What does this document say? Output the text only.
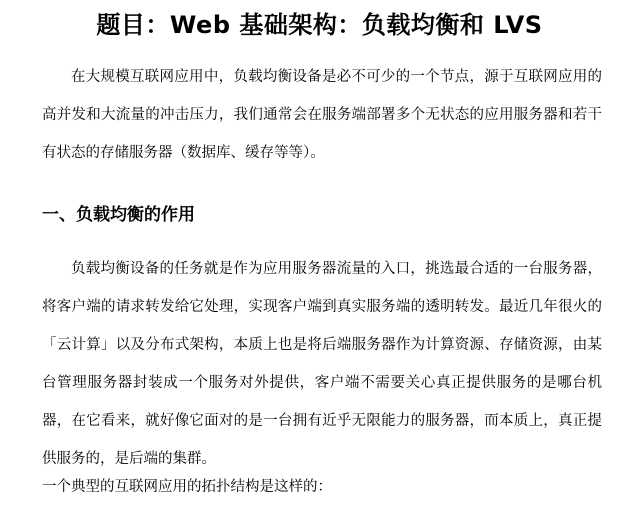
题目：Web 基础架构：负载均衡和 LVS

在大规模互联网应用中，负载均衡设备是必不可少的一个节点，源于互联网应用的高并发和大流量的冲击压力，我们通常会在服务端部署多个无状态的应用服务器和若干有状态的存储服务器（数据库、缓存等等）。

一、负载均衡的作用

负载均衡设备的任务就是作为应用服务器流量的入口，挑选最合适的一台服务器，将客户端的请求转发给它处理，实现客户端到真实服务端的透明转发。最近几年很火的「云计算」以及分布式架构，本质上也是将后端服务器作为计算资源、存储资源，由某台管理服务器封装成一个服务对外提供，客户端不需要关心真正提供服务的是哪台机器，在它看来，就好像它面对的是一台拥有近乎无限能力的服务器，而本质上，真正提供服务的，是后端的集群。

一个典型的互联网应用的拓扑结构是这样的：
